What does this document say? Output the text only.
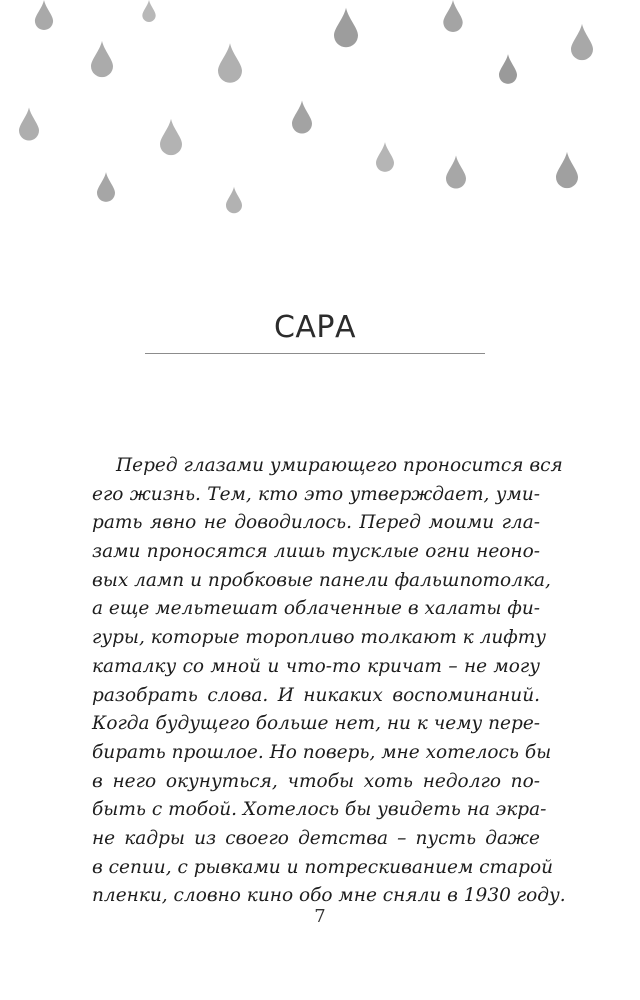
САРА
Перед глазами умирающего проносится вся
его жизнь. Тем, кто это утверждает, уми-
рать явно не доводилось. Перед моими гла-
зами проносятся лишь тусклые огни неоно-
вых ламп и пробковые панели фальшпотолка,
а еще мельтешат облаченные в халаты фи-
гуры, которые торопливо толкают к лифту
каталку со мной и что-то кричат – не могу
разобрать слова. И никаких воспоминаний.
Когда будущего больше нет, ни к чему пере-
бирать прошлое. Но поверь, мне хотелось бы
в него окунуться, чтобы хоть недолго по-
быть с тобой. Хотелось бы увидеть на экра-
не кадры из своего детства – пусть даже
в сепии, с рывками и потрескиванием старой
пленки, словно кино обо мне сняли в 1930 году.
7
